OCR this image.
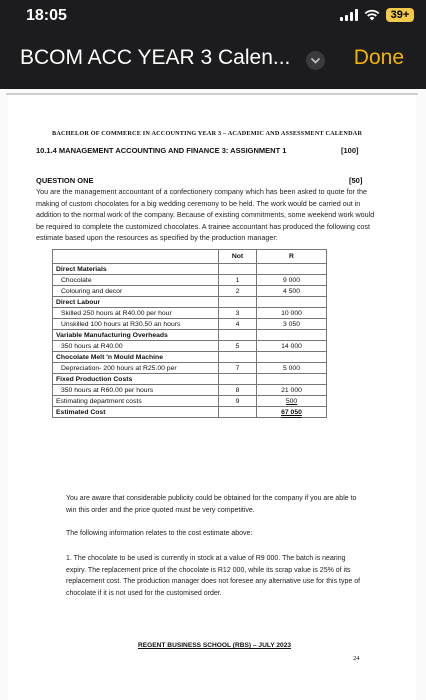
18:05	39+
BCOM ACC YEAR 3 Calen...	Done
BACHELOR OF COMMERCE IN ACCOUNTING YEAR 3 – ACADEMIC AND ASSESSMENT CALENDAR
10.1.4 MANAGEMENT ACCOUNTING AND FINANCE 3: ASSIGNMENT 1	[100]
QUESTION ONE	[50]
You are the management accountant of a confectionery company which has been asked to quote for the making of custom chocolates for a big wedding ceremony to be held. The work would be carried out in addition to the normal work of the company. Because of existing commitments, some weekend work would be required to complete the customized chocolates. A trainee accountant has produced the following cost estimate based upon the resources as specified by the production manager:
	Not	R
Direct Materials		
Chocolate	1	9 000
Colouring and decor	2	4 500
Direct Labour		
Skilled 250 hours at R40.00 per hour	3	10 000
Unskilled 100 hours at R30.50 an hours	4	3 050
Variable Manufacturing Overheads		
350 hours at R40.00	5	14 000
Chocolate Melt 'n Mould Machine		
Depreciation- 200 hours at R25.00 per	7	5 000
Fixed Production Costs		
350 hours at R60.00 per hours	8	21 000
Estimating department costs	9	500
Estimated Cost		67 050
You are aware that considerable publicity could be obtained for the company if you are able to win this order and the price quoted must be very competitive.
The following information relates to the cost estimate above:
1. The chocolate to be used is currently in stock at a value of R9 000. The batch is nearing expiry. The replacement price of the chocolate is R12 000, while its scrap value is 25% of its replacement cost. The production manager does not foresee any alternative use for this type of chocolate if it is not used for the customised order.
REGENT BUSINESS SCHOOL (RBS) – JULY 2023
24
